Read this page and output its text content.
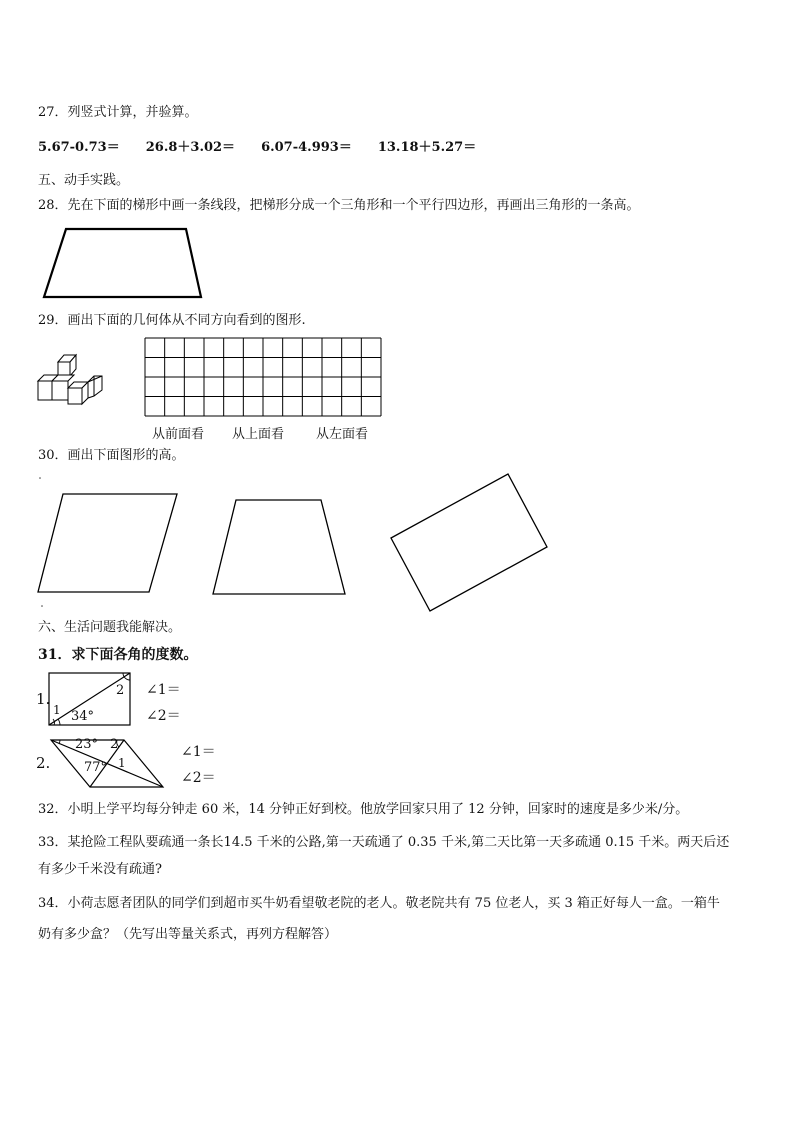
27．列竖式计算，并验算。
5.67-0.73＝ 26.8＋3.02＝ 6.07-4.993＝ 13.18＋5.27＝
五、动手实践。
28．先在下面的梯形中画一条线段，把梯形分成一个三角形和一个平行四边形，再画出三角形的一条高。
29．画出下面的几何体从不同方向看到的图形.
从前面看 从上面看 从左面看
30．画出下面图形的高。
六、生活问题我能解决。
31．求下面各角的度数。
1.
1 34°
2 ∠1＝
∠2＝
2.
23° 2
1
77°
∠1＝
∠2＝
32．小明上学平均每分钟走 60 米，14 分钟正好到校。他放学回家只用了 12 分钟，回家时的速度是多少米/分。
33．某抢险工程队要疏通一条长14.5 千米的公路,第一天疏通了 0.35 千米,第二天比第一天多疏通 0.15 千米。两天后还
有多少千米没有疏通?
34．小荷志愿者团队的同学们到超市买牛奶看望敬老院的老人。敬老院共有 75 位老人，买 3 箱正好每人一盒。一箱牛
奶有多少盒？（先写出等量关系式，再列方程解答）
